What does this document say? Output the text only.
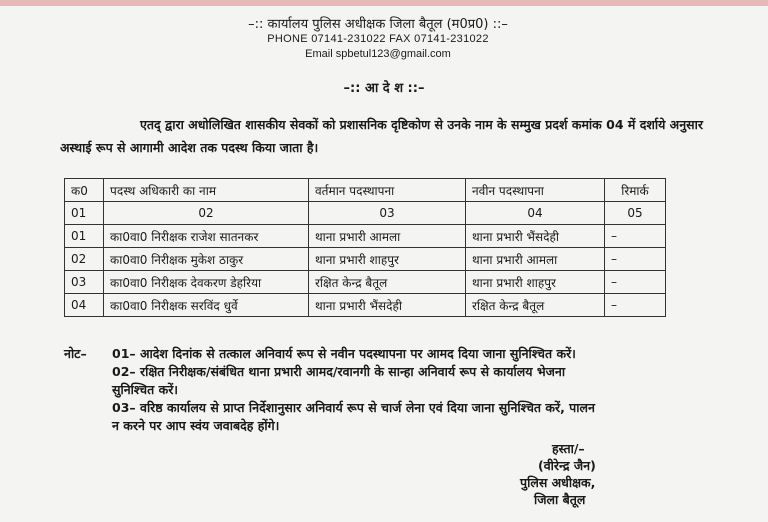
–:: कार्यालय पुलिस अधीक्षक जिला बैतूल (म0प्र0) ::–
PHONE 07141-231022 FAX 07141-231022
Email spbetul123@gmail.com
–:: आ दे श ::–
एतद् द्वारा अधोलिखित शासकीय सेवकों को प्रशासनिक दृष्टिकोण से उनके नाम के सम्मुख प्रदर्श कमांक 04 में दर्शाये अनुसार अस्थाई रूप से आगामी आदेश तक पदस्थ किया जाता है।
क0	पदस्थ अधिकारी का नाम	वर्तमान पदस्थापना	नवीन पदस्थापना	रिमार्क
01	02	03	04	05
01	का0वा0 निरीक्षक राजेश सातनकर	थाना प्रभारी आमला	थाना प्रभारी भैंसदेही	–
02	का0वा0 निरीक्षक मुकेश ठाकुर	थाना प्रभारी शाहपुर	थाना प्रभारी आमला	–
03	का0वा0 निरीक्षक देवकरण डेहरिया	रक्षित केन्द्र बैतूल	थाना प्रभारी शाहपुर	–
04	का0वा0 निरीक्षक सरविंद धुर्वे	थाना प्रभारी भैंसदेही	रक्षित केन्द्र बैतूल	–
नोट–	01– आदेश दिनांक से तत्काल अनिवार्य रूप से नवीन पदस्थापना पर आमद दिया जाना सुनिश्चित करें।
02– रक्षित निरीक्षक/संबंधित थाना प्रभारी आमद/रवानगी के सान्हा अनिवार्य रूप से कार्यालय भेजना
सुनिश्चित करें।
03– वरिष्ठ कार्यालय से प्राप्त निर्देशानुसार अनिवार्य रूप से चार्ज लेना एवं दिया जाना सुनिश्चित करें, पालन
न करने पर आप स्वंय जवाबदेह होंगे।
हस्ता/–
(वीरेन्द्र जैन)
पुलिस अधीक्षक,
जिला बैतूल
